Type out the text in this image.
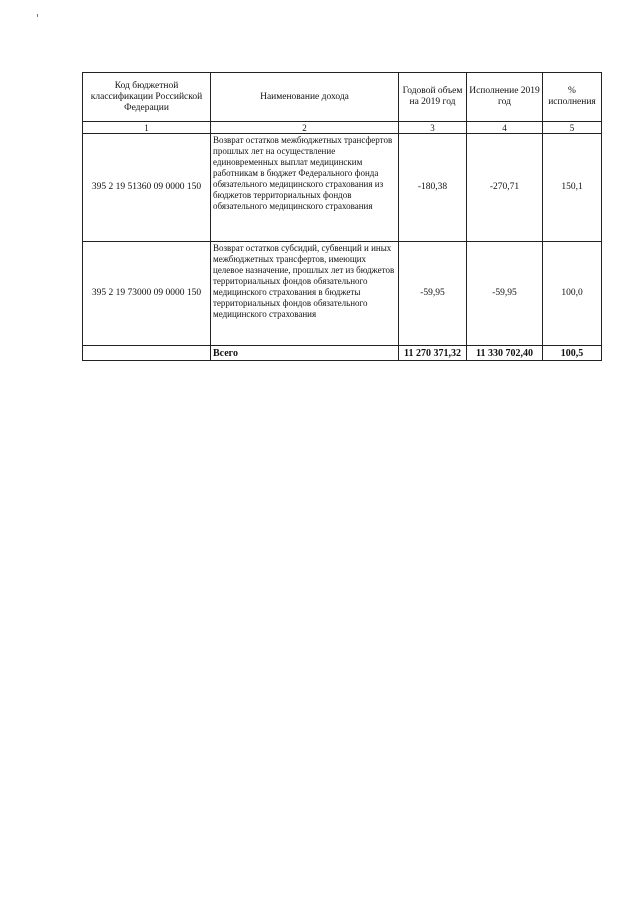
Код бюджетной классификации Российской Федерации	Наименование дохода	Годовой объем на 2019 год	Исполнение 2019 год	% исполнения
1	2	3	4	5
395 2 19 51360 09 0000 150	Возврат остатков межбюджетных трансфертов прошлых лет на осуществление единовременных выплат медицинским работникам в бюджет Федерального фонда обязательного медицинского страхования из бюджетов территориальных фондов обязательного медицинского страхования	-180,38	-270,71	150,1
395 2 19 73000 09 0000 150	Возврат остатков субсидий, субвенций и иных межбюджетных трансфертов, имеющих целевое назначение, прошлых лет из бюджетов территориальных фондов обязательного медицинского страхования в бюджеты территориальных фондов обязательного медицинского страхования	-59,95	-59,95	100,0
	Всего	11 270 371,32	11 330 702,40	100,5
